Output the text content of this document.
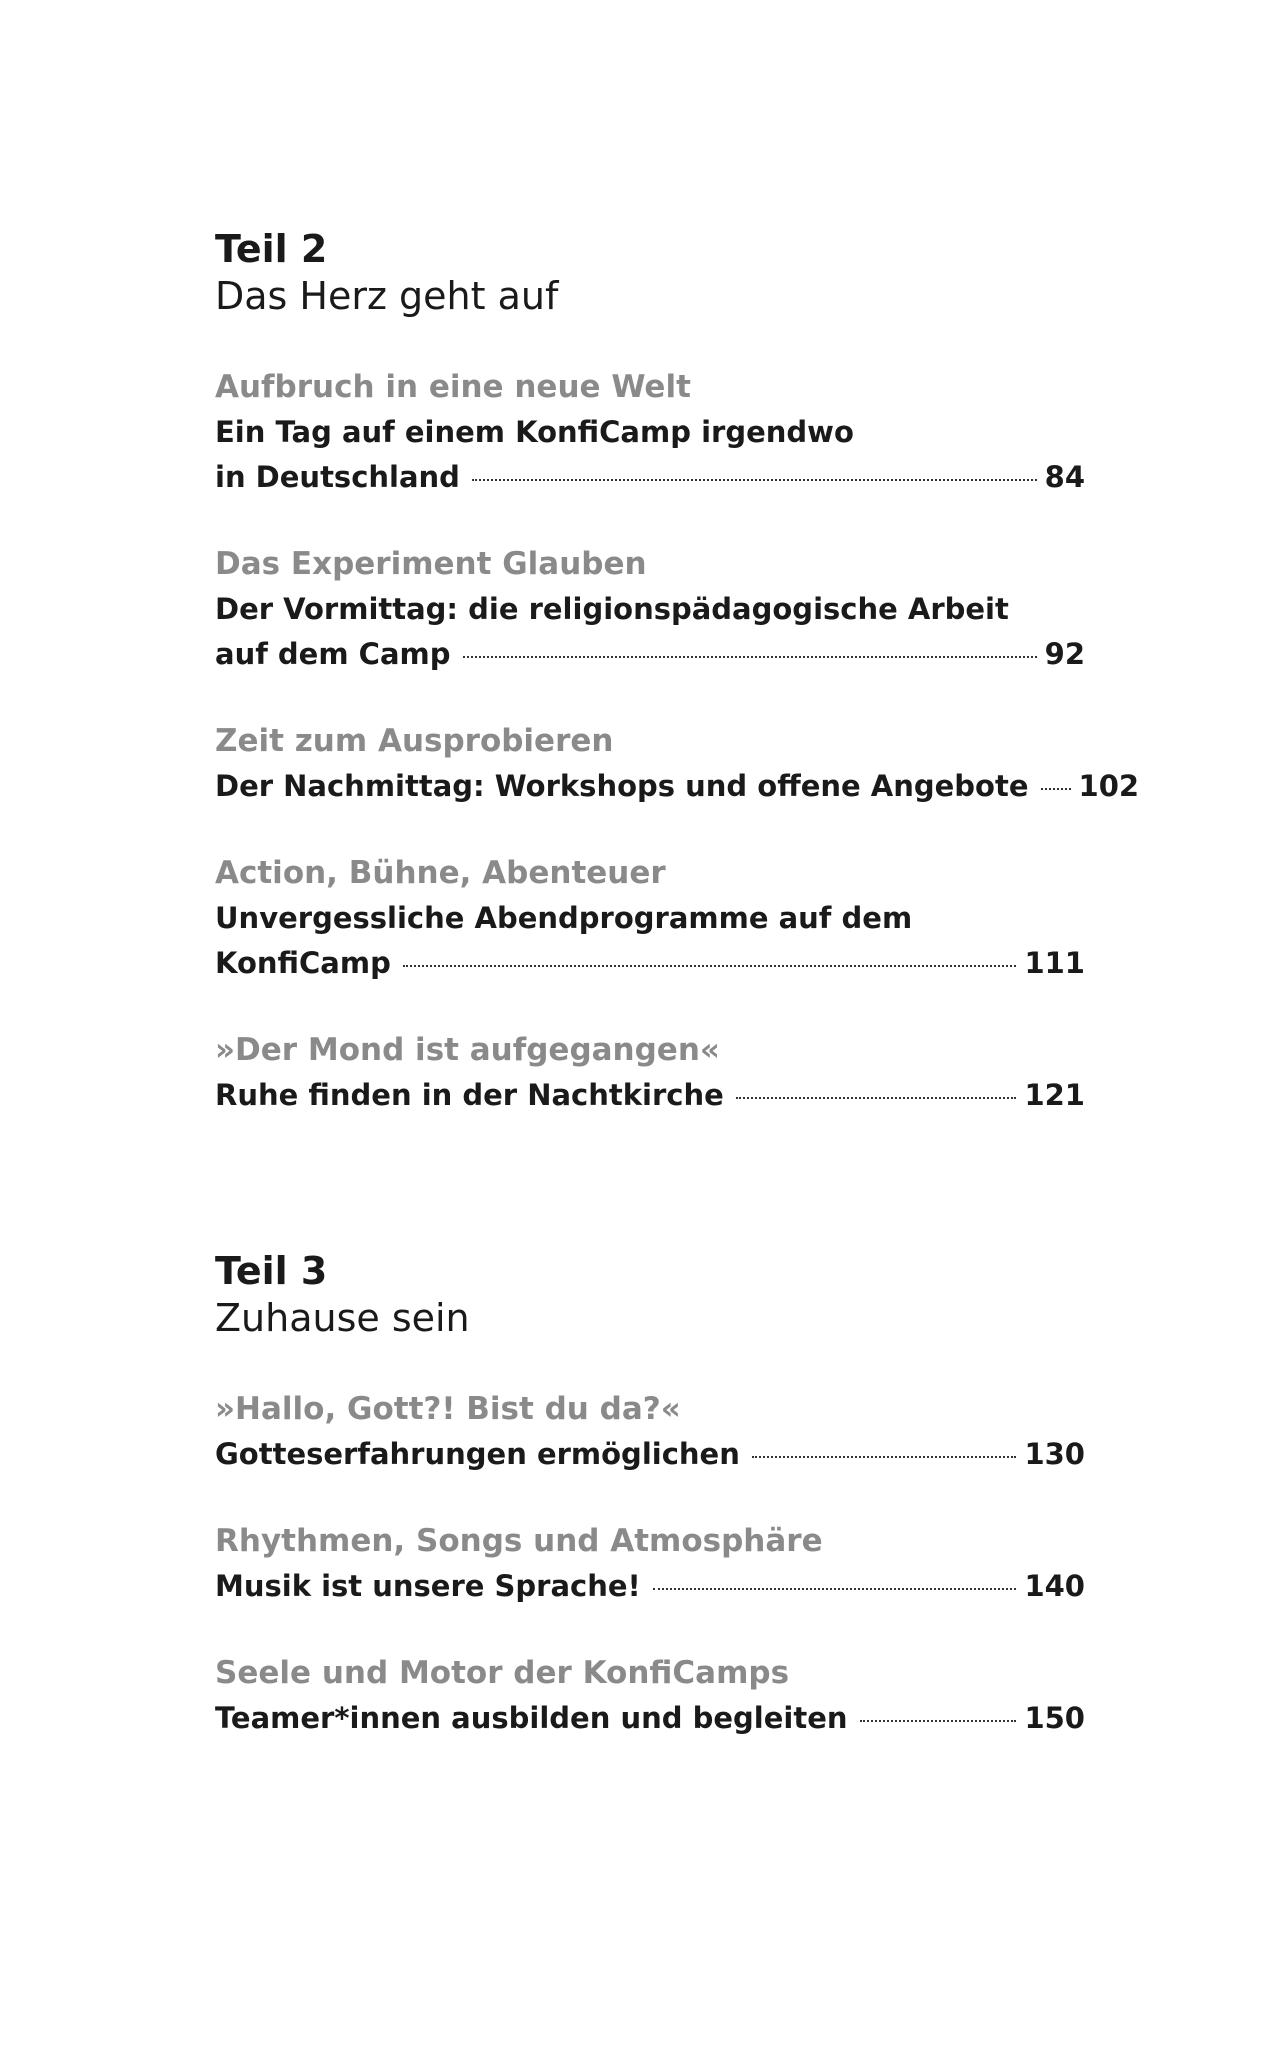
Teil 2
Das Herz geht auf
Aufbruch in eine neue Welt
Ein Tag auf einem KonfiCamp irgendwo
in Deutschland	84
Das Experiment Glauben
Der Vormittag: die religionspädagogische Arbeit
auf dem Camp	92
Zeit zum Ausprobieren
Der Nachmittag: Workshops und offene Angebote 102
Action, Bühne, Abenteuer
Unvergessliche Abendprogramme auf dem
KonfiCamp	111
»Der Mond ist aufgegangen«
Ruhe finden in der Nachtkirche	121
Teil 3
Zuhause sein
»Hallo, Gott?! Bist du da?«
Gotteserfahrungen ermöglichen	130
Rhythmen, Songs und Atmosphäre
Musik ist unsere Sprache!	140
Seele und Motor der KonfiCamps
Teamer*innen ausbilden und begleiten	150
